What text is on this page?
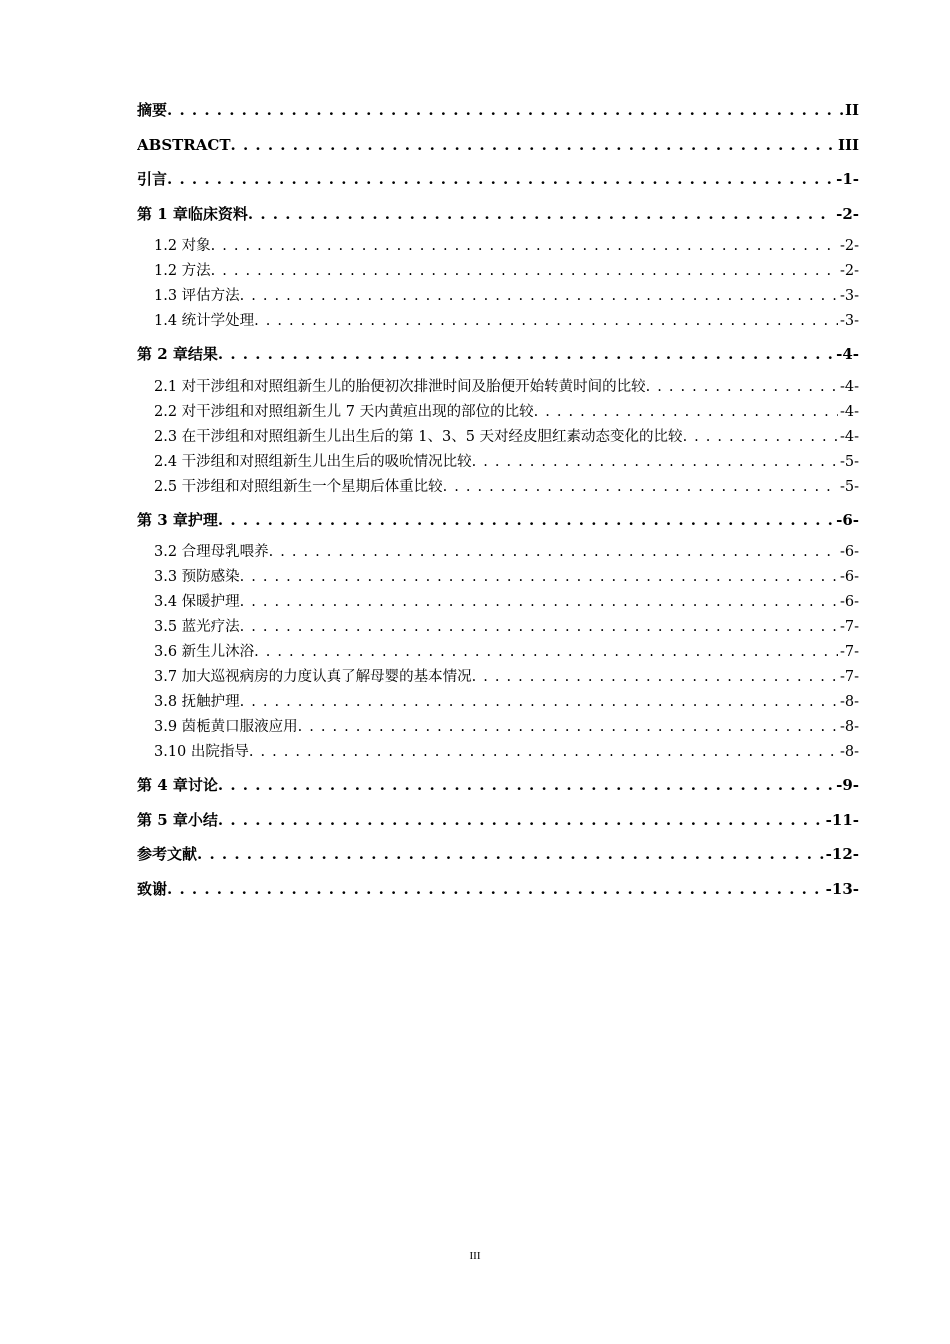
摘要 . . .	II
ABSTRACT . . .	III
引言 . . .	-1-
第 1 章临床资料 . . .	-2-
1.2 对象 . . .	-2-
1.2 方法 . . .	-2-
1.3 评估方法 . . .	-3-
1.4 统计学处理 . . .	-3-
第 2 章结果 . . .	-4-
2.1 对干涉组和对照组新生儿的胎便初次排泄时间及胎便开始转黄时间的比较 . . .	-4-
2.2 对干涉组和对照组新生儿 7 天内黄疸出现的部位的比较 . . .	-4-
2.3 在干涉组和对照组新生儿出生后的第 1、3、5 天对经皮胆红素动态变化的比较 . . .	-4-
2.4 干涉组和对照组新生儿出生后的吸吮情况比较 . . .	-5-
2.5 干涉组和对照组新生一个星期后体重比较 . . .	-5-
第 3 章护理 . . .	-6-
3.2 合理母乳喂养 . . .	-6-
3.3 预防感染 . . .	-6-
3.4 保暖护理 . . .	-6-
3.5 蓝光疗法 . . .	-7-
3.6 新生儿沐浴 . . .	-7-
3.7 加大巡视病房的力度认真了解母婴的基本情况 . . .	-7-
3.8 抚触护理 . . .	-8-
3.9 茵栀黄口服液应用 . . .	-8-
3.10 出院指导 . . .	-8-
第 4 章讨论 . . .	-9-
第 5 章小结 . . .	-11-
参考文献 . . .	-12-
致谢 . . .	-13-
III
